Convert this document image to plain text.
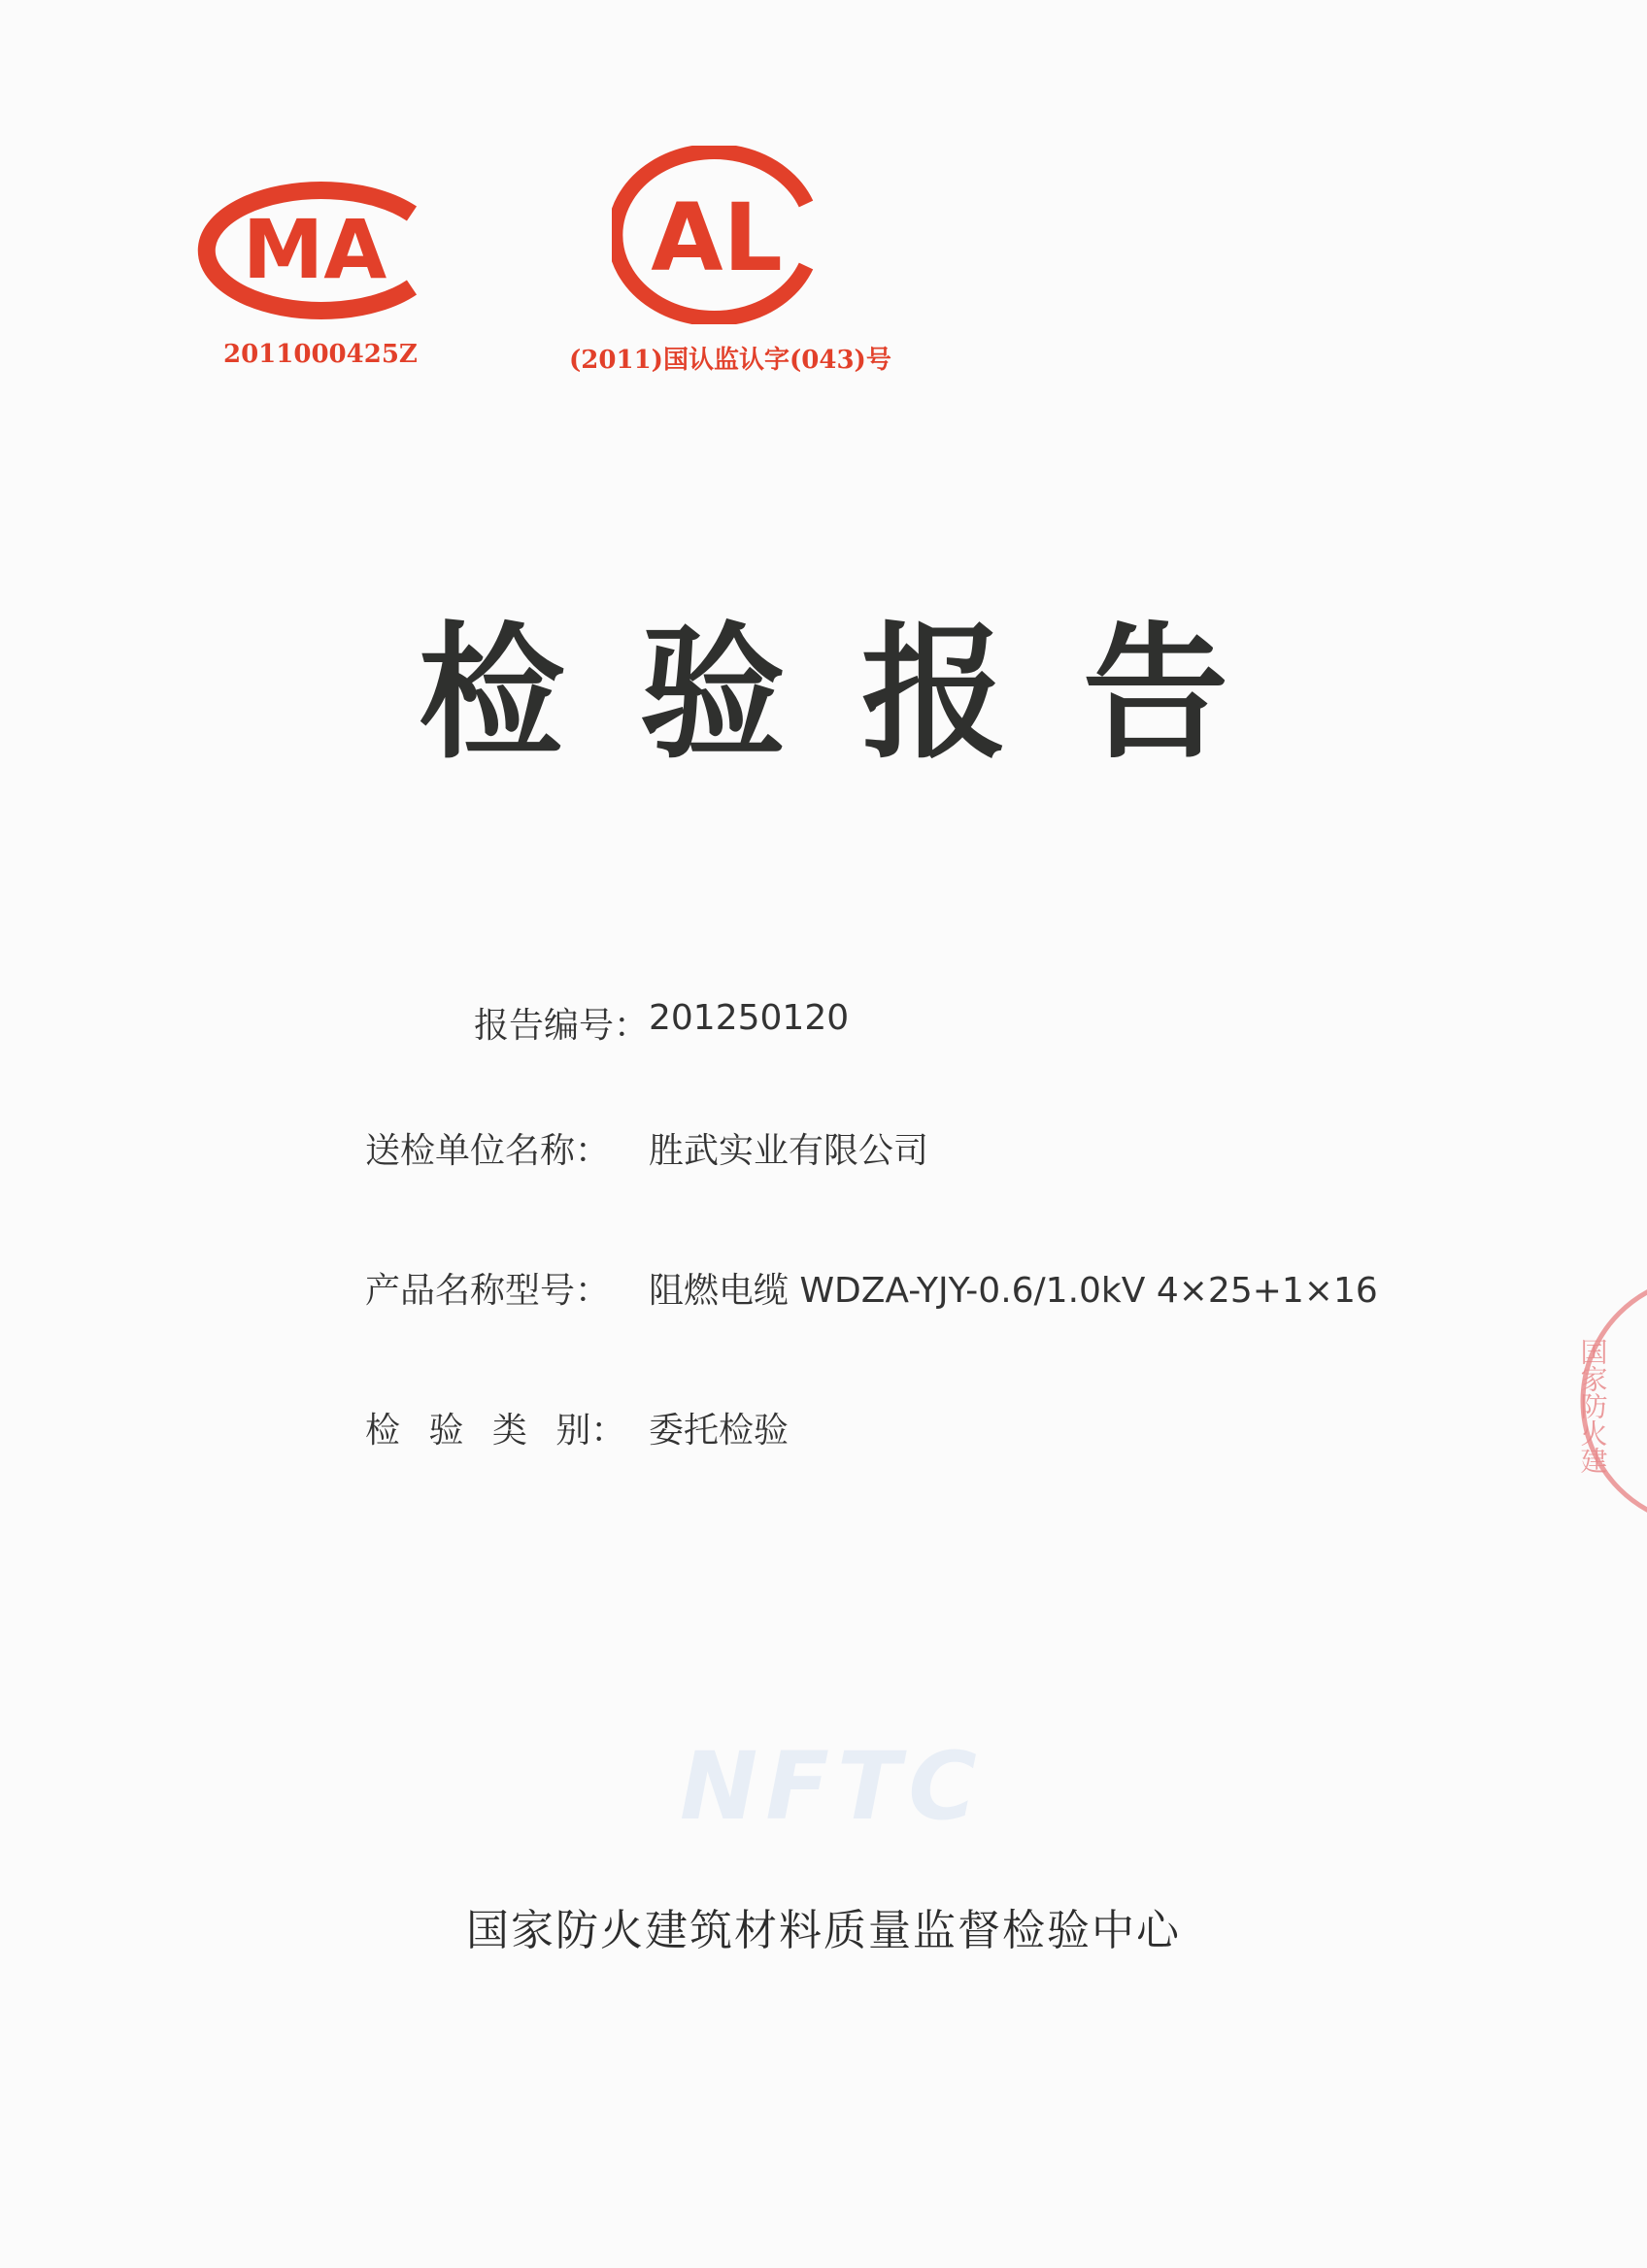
MA
2011000425Z
AL
(2011)国认监认字(043)号
检验报告
报告编号： 201250120
送检单位名称： 胜武实业有限公司
产品名称型号： 阻燃电缆 WDZA-YJY-0.6/1.0kV 4×25+1×16
检 验 类 别： 委托检验
NFTC
国家防火建筑材料质量监督检验中心
国家防火建
